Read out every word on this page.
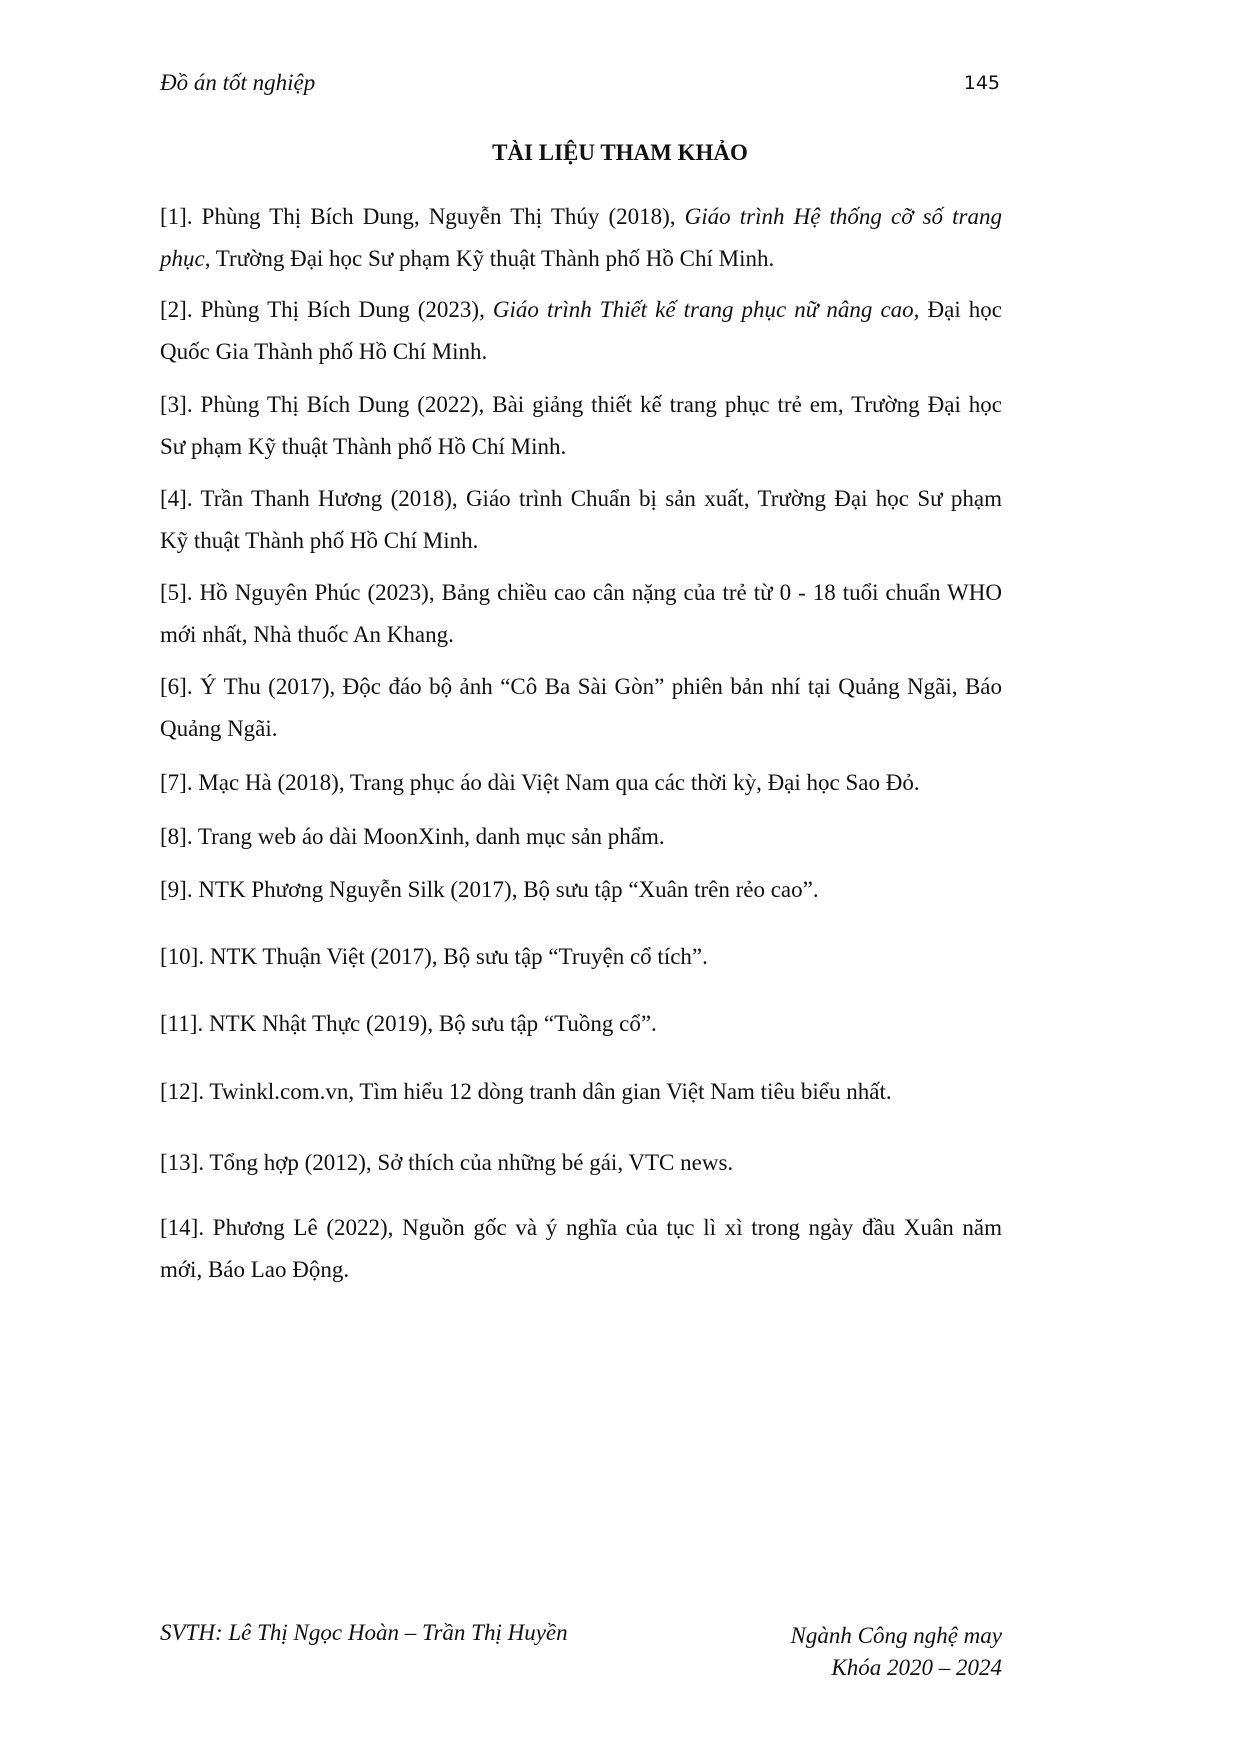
Đồ án tốt nghiệp	145
TÀI LIỆU THAM KHẢO
[1]. Phùng Thị Bích Dung, Nguyễn Thị Thúy (2018), Giáo trình Hệ thống cỡ số trang
phục, Trường Đại học Sư phạm Kỹ thuật Thành phố Hồ Chí Minh.
[2]. Phùng Thị Bích Dung (2023), Giáo trình Thiết kế trang phục nữ nâng cao, Đại học
Quốc Gia Thành phố Hồ Chí Minh.
[3]. Phùng Thị Bích Dung (2022), Bài giảng thiết kế trang phục trẻ em, Trường Đại học
Sư phạm Kỹ thuật Thành phố Hồ Chí Minh.
[4]. Trần Thanh Hương (2018), Giáo trình Chuẩn bị sản xuất, Trường Đại học Sư phạm
Kỹ thuật Thành phố Hồ Chí Minh.
[5]. Hồ Nguyên Phúc (2023), Bảng chiều cao cân nặng của trẻ từ 0 - 18 tuổi chuẩn WHO
mới nhất, Nhà thuốc An Khang.
[6]. Ý Thu (2017), Độc đáo bộ ảnh “Cô Ba Sài Gòn” phiên bản nhí tại Quảng Ngãi, Báo
Quảng Ngãi.
[7]. Mạc Hà (2018), Trang phục áo dài Việt Nam qua các thời kỳ, Đại học Sao Đỏ.
[8]. Trang web áo dài MoonXinh, danh mục sản phẩm.
[9]. NTK Phương Nguyễn Silk (2017), Bộ sưu tập “Xuân trên rẻo cao”.
[10]. NTK Thuận Việt (2017), Bộ sưu tập “Truyện cổ tích”.
[11]. NTK Nhật Thực (2019), Bộ sưu tập “Tuồng cổ”.
[12]. Twinkl.com.vn, Tìm hiểu 12 dòng tranh dân gian Việt Nam tiêu biểu nhất.
[13]. Tổng hợp (2012), Sở thích của những bé gái, VTC news.
[14]. Phương Lê (2022), Nguồn gốc và ý nghĩa của tục lì xì trong ngày đầu Xuân năm
mới, Báo Lao Động.
SVTH: Lê Thị Ngọc Hoàn – Trần Thị Huyền	Ngành Công nghệ may
Khóa 2020 – 2024
